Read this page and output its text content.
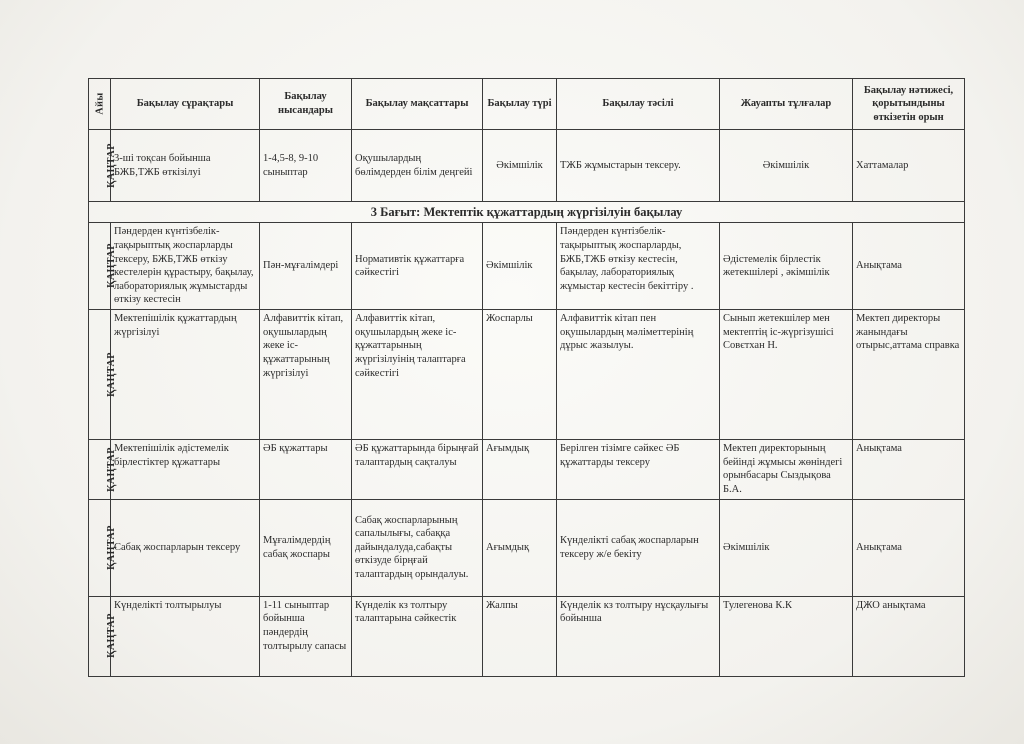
Айы	Бақылау сұрақтары	Бақылау нысандары	Бақылау мақсаттары	Бақылау түрі	Бақылау тәсілі	Жауапты тұлғалар	Бақылау нәтижесі, қорытындыны өткізетін орын
ҚАҢТАР	3-ші тоқсан бойынша БЖБ,ТЖБ өткізілуі	1-4,5-8, 9-10 сыныптар	Оқушылардың бөлімдерден білім деңгейі	Әкімшілік	ТЖБ жұмыстарын тексеру.	Әкімшілік	Хаттамалар
3 Бағыт: Мектептік құжаттардың жүргізілуін бақылау							
ҚАҢТАР	Пәндерден күнтізбелік-тақырыптық жоспарларды тексеру, БЖБ,ТЖБ өткізу кестелерін құрастыру, бақылау, лабораториялық жұмыстарды өткізу кестесін	Пән-мұғалімдері	Нормативтік құжаттарға сәйкестігі	Әкімшілік	Пәндерден күнтізбелік-тақырыптық жоспарларды, БЖБ,ТЖБ өткізу кестесін, бақылау, лабораториялық жұмыстар кестесін бекіттіру .	Әдістемелік бірлестік жетекшілері , әкімшілік	Анықтама
ҚАҢТАР	Мектепішілік құжаттардың жүргізілуі	Алфавиттік кітап, оқушылардың жеке іс-құжаттарының жүргізілуі	Алфавиттік кітап, оқушылардың жеке іс-құжаттарының жүргізілуінің талаптарға сәйкестігі	Жоспарлы	Алфавиттік кітап пен оқушылардың мәліметтерінің дұрыс жазылуы.	Сынып жетекшілер мен мектептің іс-жүргізушісі Совєтхан Н.	Мектеп директоры жанындағы отырыс,аттама справка
ҚАҢТАР	Мектепішілік әдістемелік бірлестіктер құжаттары	ӘБ құжаттары	ӘБ құжаттарында бірыңғай талаптардың сақталуы	Ағымдық	Берілген тізімге сәйкес ӘБ құжаттарды тексеру	Мектеп директорының бейінді жұмысы жөніндегі орынбасары Сыздықова Б.А.	Анықтама
ҚАҢТАР	Сабақ жоспарларын тексеру	Мұғалімдердің сабақ жоспары	Сабақ жоспарларының сапалылығы, сабаққа дайындалуда,сабақты өткізуде бірңғай талаптардың орындалуы.	Ағымдық	Күнделікті сабақ жоспарларын тексеру ж/е бекіту	Әкімшілік	Анықтама
ҚАҢТАР	Күнделікті толтырылуы	1-11 сыныптар бойынша пәндердің толтырылу сапасы	Күнделік кз толтыру талаптарына сәйкестік	Жалпы	Күнделік кз толтыру нұсқаулығы бойынша	Тулегенова К.К	ДЖО анықтама
